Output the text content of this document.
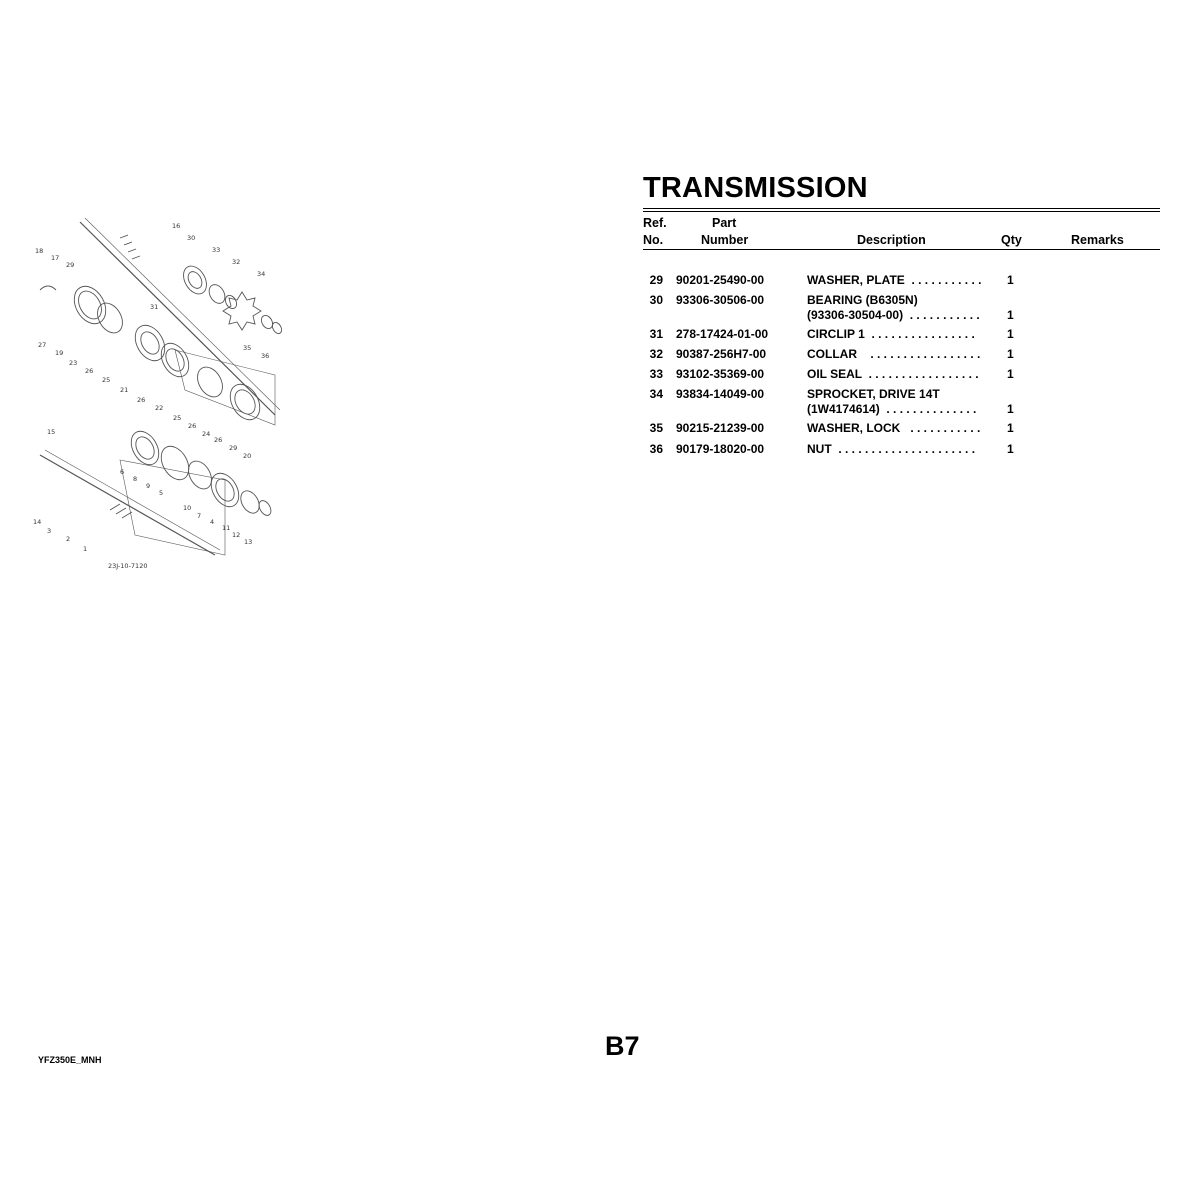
16
30
33
32
34
35
36
18
17
29
31
27
19
23
26
25
21
22
26
25
26
24
26
29
20
15
6
8
9
5
10
7
4
11
12
13
14
3
2
1
23J-10-7120
TRANSMISSION
Ref.
No.
Part
Number	Description	Qty	Remarks
29 90201-25490-00	WASHER, PLATE  . . . . . . . . . . . 1
30 93306-30506-00	BEARING (B6305N)
(93306-30504-00)  . . . . . . . . . . . 1
31 278-17424-01-00	CIRCLIP 1  . . . . . . . . . . . . . . . .	1
32 90387-256H7-00	COLLAR    . . . . . . . . . . . . . . . . . 1
33 93102-35369-00	OIL SEAL  . . . . . . . . . . . . . . . . . 1
34 93834-14049-00	SPROCKET, DRIVE 14T
(1W4174614)  . . . . . . . . . . . . . .	1
35 90215-21239-00	WASHER, LOCK   . . . . . . . . . . . 1
36 90179-18020-00	NUT  . . . . . . . . . . . . . . . . . . . . .	1
YFZ350E_MNH	B7
